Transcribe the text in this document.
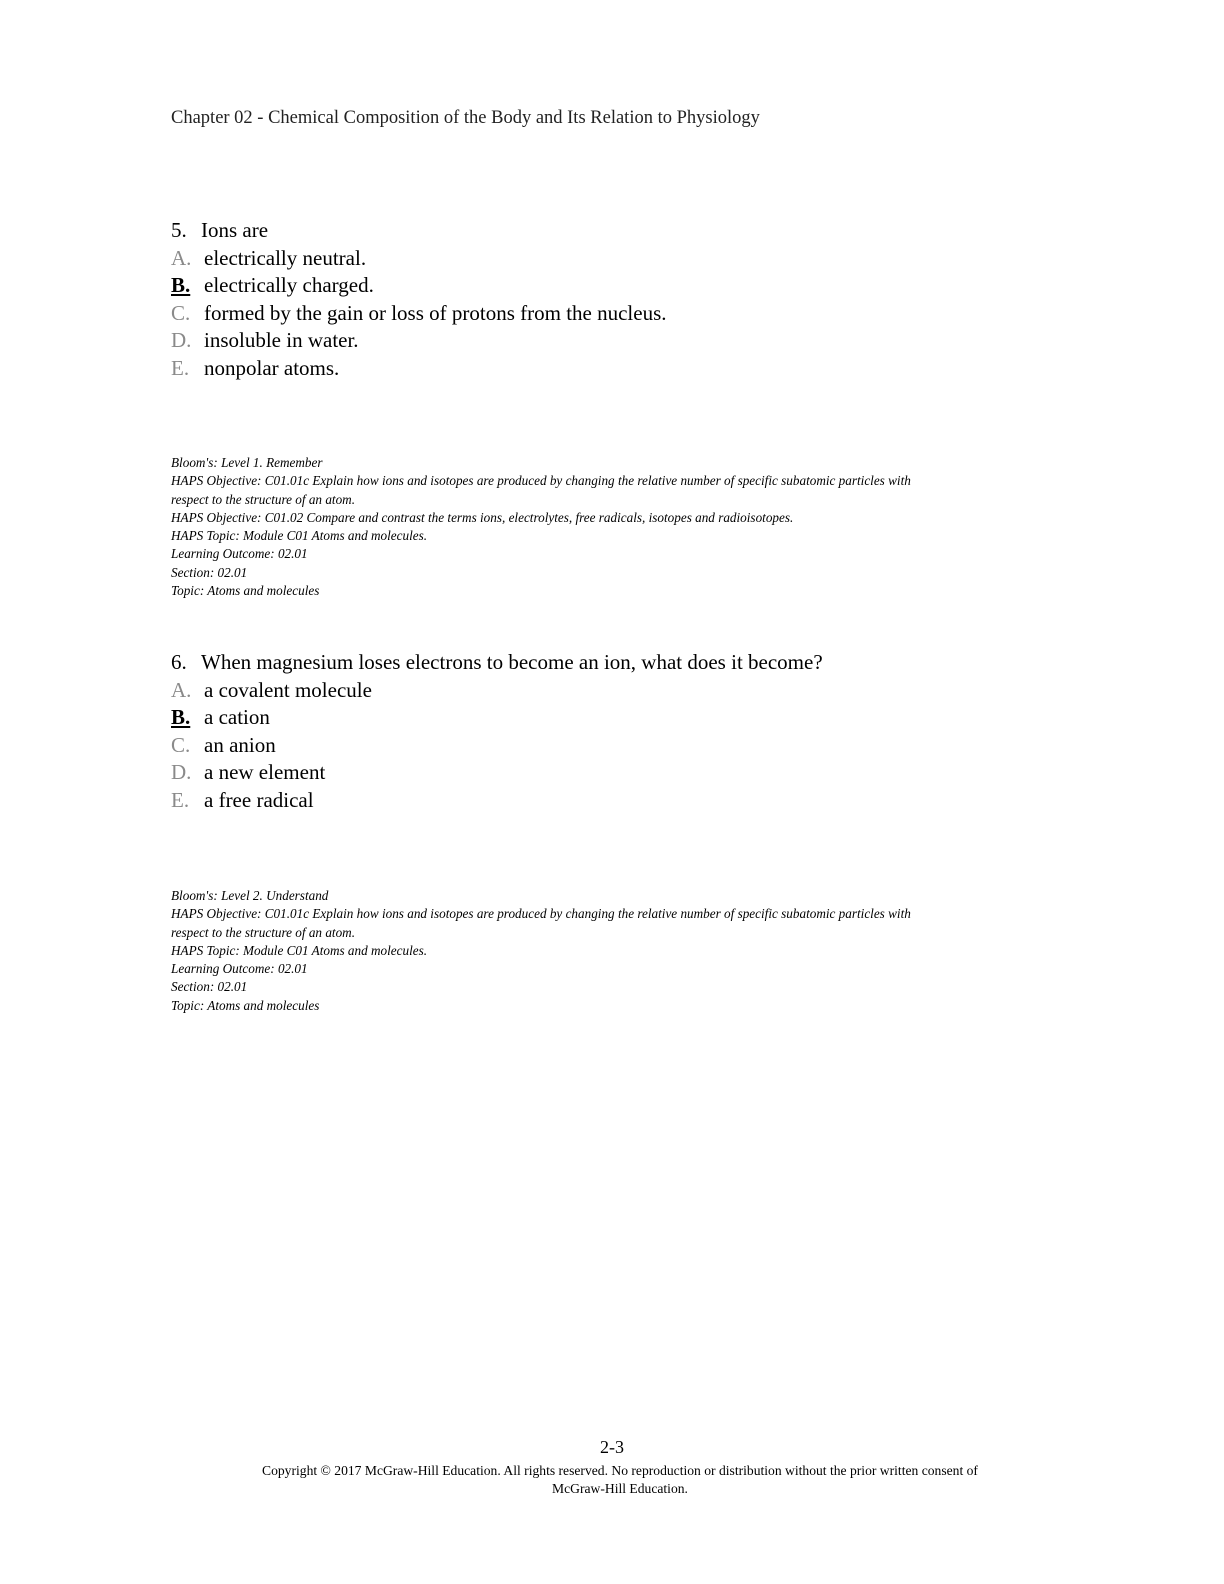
Chapter 02 - Chemical Composition of the Body and Its Relation to Physiology
5. Ions are
A. electrically neutral.
B. electrically charged.
C. formed by the gain or loss of protons from the nucleus.
D. insoluble in water.
E. nonpolar atoms.
Bloom's: Level 1. Remember
HAPS Objective: C01.01c Explain how ions and isotopes are produced by changing the relative number of specific subatomic particles with
respect to the structure of an atom.
HAPS Objective: C01.02 Compare and contrast the terms ions, electrolytes, free radicals, isotopes and radioisotopes.
HAPS Topic: Module C01 Atoms and molecules.
Learning Outcome: 02.01
Section: 02.01
Topic: Atoms and molecules
6. When magnesium loses electrons to become an ion, what does it become?
A. a covalent molecule
B. a cation
C. an anion
D. a new element
E. a free radical
Bloom's: Level 2. Understand
HAPS Objective: C01.01c Explain how ions and isotopes are produced by changing the relative number of specific subatomic particles with
respect to the structure of an atom.
HAPS Topic: Module C01 Atoms and molecules.
Learning Outcome: 02.01
Section: 02.01
Topic: Atoms and molecules
2-3
Copyright © 2017 McGraw-Hill Education. All rights reserved. No reproduction or distribution without the prior written consent of
McGraw-Hill Education.
